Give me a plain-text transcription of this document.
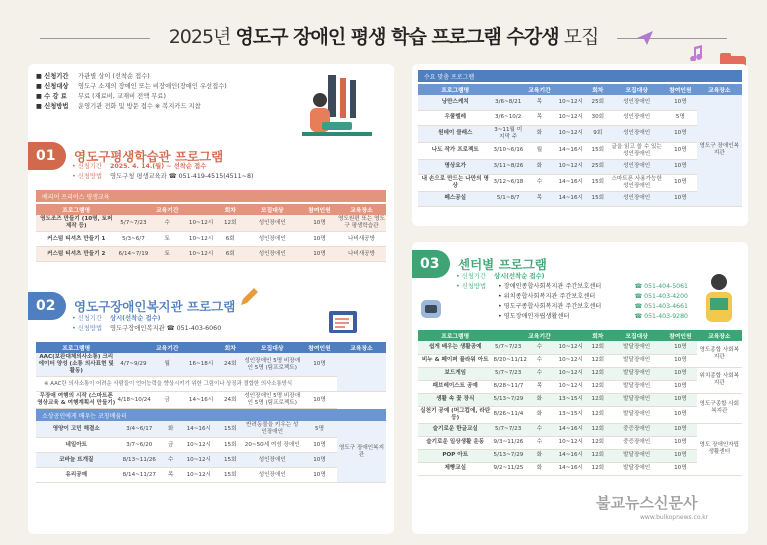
2025년 영도구 장애인 평생 학습 프로그램 수강생 모집
■ 신청기간	가관별 상이 (선착순 접수)
■ 신청대상	영도구 소재의 장애인 또는 비장애인(장애인 우선접수)
■ 수 강 료	무료 (재료비, 교재비 전액 무료)
■ 신청방법	운영기관 전화 및 방문 접수 ※ 복지카드 지참
01	영도구평생학습관 프로그램
• 신청기간	2025. 4. 14.(월) ~ 선착순 접수
• 신청방법	영도구청 평생교육과 ☎ 051-419-4515(4511~8)
배리어 프리어스 평생교육
프로그램명	교육기간			회차	모집대상	참여인원	교육장소
영도조즈 만들기 (10명, 토퍼 제작 등)	5/7~7/23	수	10~12시	12회	성인장애인	10명	영도원편 또는 영도구 평생학습관
커스텀 티셔츠 만들기 1	5/3~6/7	토	10~12시	6회	성인장애인	10명	나비새공방
커스텀 티셔츠 만들기 2	6/14~7/19	토	10~12시	6회	성인장애인	10명	나비새공방
02	영도구장애인복지관 프로그램
• 신청기간	상시(선착순 접수)
• 신청방법	영도구장애인복지관 ☎ 051-403-6060
프로그램명	교육기간			회차	모집대상	참여인원	교육장소
AAC(보완대체의사소통) 크리에이터 양성 (소통 의사표현 및 활동)	4/7~9/29	월	16~18시	24회	성인장애인 5명 비장애인 5명 (팀프로젝트)	10명	
※ AAC란 의사소통이 어려운 사람들이 언어능력을 향상시키기 위한 그림이나 상징과 결합한 의사소통방식							
무장애 여행의 시작 (스마트폰 영상교육 & 여행계획서 만들기)	4/18~10/24	금	14~16시	24회	성인장애인 5명 비장애인 5명 (팀프로젝트)	10명	
소상공인에게 배우는 코칭배움터
영양이 고민 해결소	3/4~6/17	화	14~16시	15회	반려동물을 키우는 성인장애인	5명	영도구 장애인복지관
네일아트	3/7~6/20	금	10~12시	15회	20~50세 여성 장애인	10명	
코바늘 뜨개질	8/13~11/26	수	10~12시	15회	성인장애인	10명	
유리공예	8/14~11/27	목	10~12시	15회	성인장애인	10명	
수요 맞춤 프로그램
프로그램명	교육기간			회차	모집대상	참여인원	교육장소
낭만스케치	3/6~8/21	목	10~12시	25회	성인장애인	10명	영도구 장애인복지관
우쿨렐레	3/6~10/2	목	10~12시	30회	성인장애인	5명	
원데이 클래스	3~11월 미지막 주	화	10~12시	9회	성인장애인	10명	
나도 작가 프로젝트	3/10~6/16	월	14~16시	15회	글을 읽고 쓸 수 있는 성인장애인	10명	
명상요가	3/11~8/26	화	10~12시	25회	성인장애인	10명	
내 손으로 만드는 나만의 명상	3/12~6/18	수	14~16시	15회	스마트폰 사용가능한 성인장애인	10명	
페스공실	5/1~8/7	목	14~16시	15회	성인장애인	10명	
03	센터별 프로그램
• 신청기간	상시(선착순 접수)
• 신청방법	• 장애인종합사회복지관 주간보호센터	☎ 051-404-5061
• 위치종합사회복지관 주간보호센터	☎ 051-403-4200
• 영도구종합사회복지관 주간보호센터	☎ 051-403-4661
• 영도장애인자립생활센터	☎ 051-403-9280
프로그램명	교육기간			회차	모집대상	참여인원	교육장소
쉽게 배우는 생활공예	5/7~7/23	수	10~12시	12회	발달장애인	10명	영도종합 사회복지관
비누 & 페이퍼 플라워 아트	8/20~11/12	수	10~12시	12회	발달장애인	10명	
보드게임	5/7~7/23	수	10~12시	12회	발달장애인	10명	위치종합 사회복지관
패브레이스트 공예	8/28~11/7	목	10~12시	12회	발달장애인	10명	
생활 속 꽃 장식	5/13~7/29	화	13~15시	12회	발달장애인	10명	영도구종합 사회복지관
실천기 공예 (머그컵에, 라탄 등)	8/26~11/4	화	13~15시	12회	발달장애인	10명	
슬기로운 한글교실	5/7~7/23	수	14~16시	12회	중증장애인	10명	영도 장애인자립 생활센터
슬기로운 일상생활 운동	9/3~11/26	수	10~12시	12회	중증장애인	10명	
POP 아트	5/13~7/29	화	14~16시	12회	발달장애인	10명	
제빵교실	9/2~11/25	화	14~16시	12회	발달장애인	10명	
불교뉴스신문사
www.bulkopnews.co.kr
